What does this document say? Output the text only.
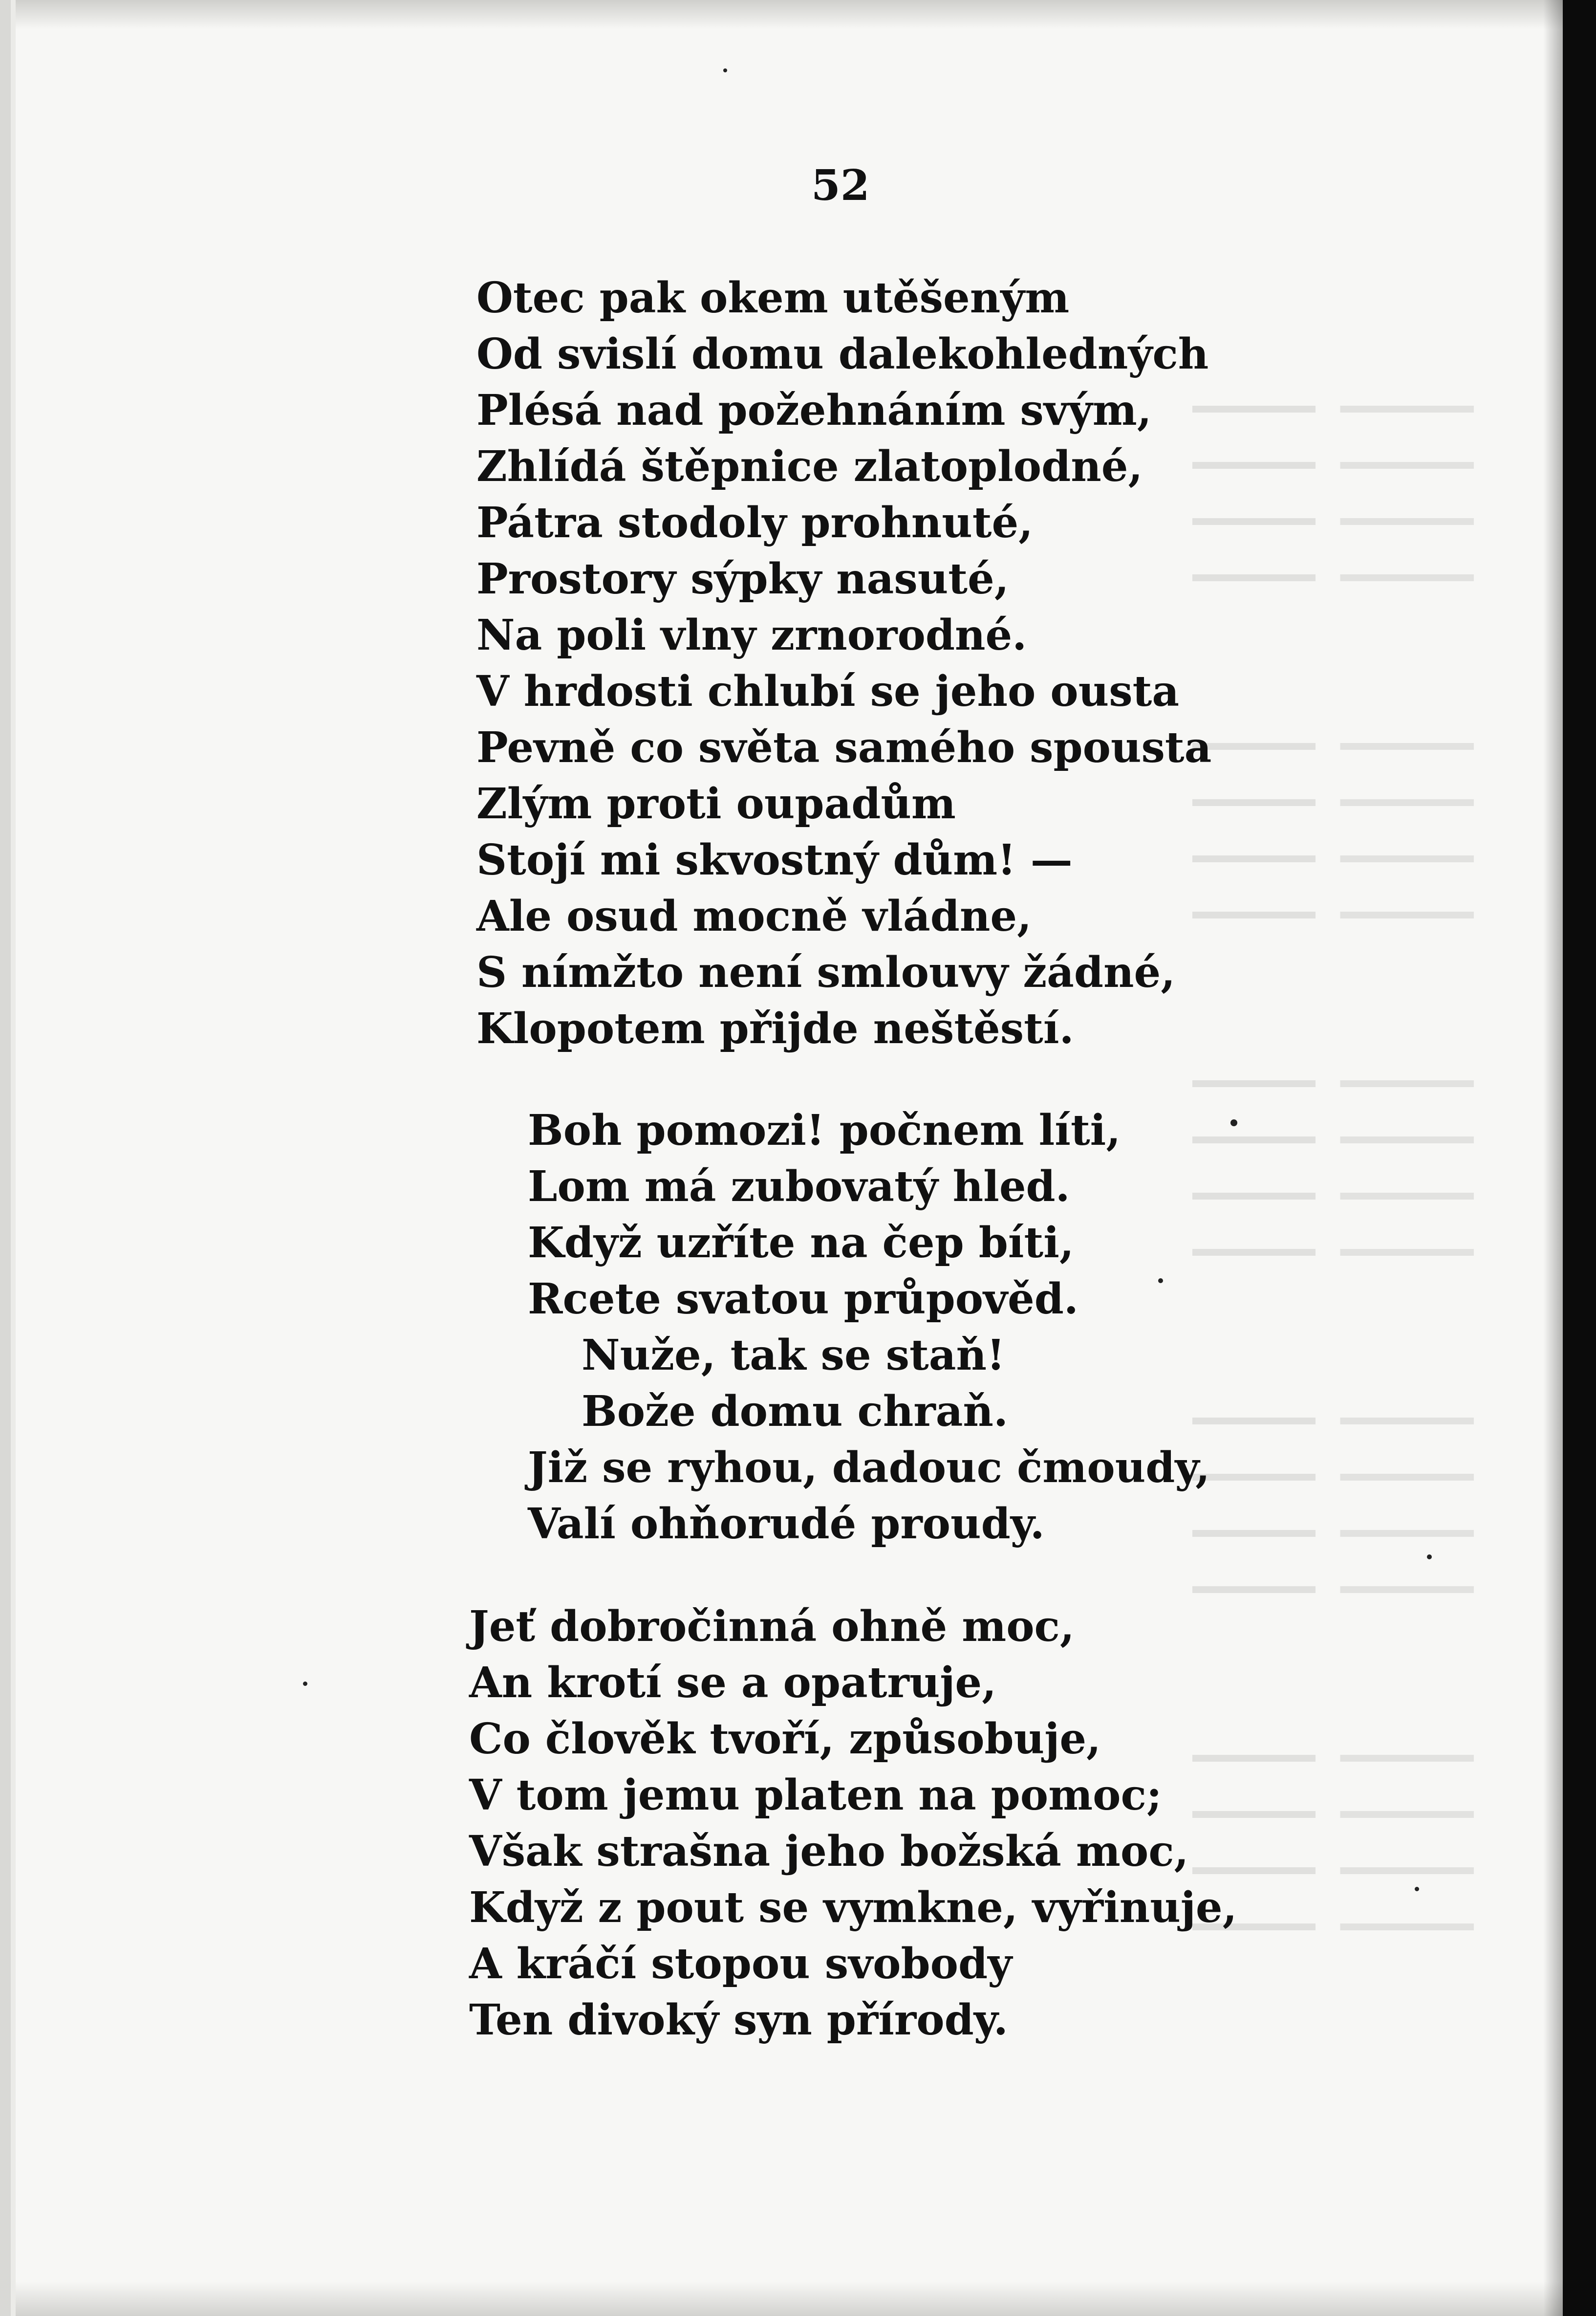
52
Otec pak okem utěšeným
Od svislí domu dalekohledných
Plésá nad požehnáním svým,
Zhlídá štěpnice zlatoplodné,
Pátra stodoly prohnuté,
Prostory sýpky nasuté,
Na poli vlny zrnorodné.
V hrdosti chlubí se jeho ousta
Pevně co světa samého spousta
Zlým proti oupadům
Stojí mi skvostný dům! —
Ale osud mocně vládne,
S nímžto není smlouvy žádné,
Klopotem přijde neštěstí.
Boh pomozi! počnem líti,
Lom má zubovatý hled.
Když uzříte na čep bíti,
Rcete svatou průpověd.
Nuže, tak se staň!
Bože domu chraň.
Již se ryhou, dadouc čmoudy,
Valí ohňorudé proudy.
Jeť dobročinná ohně moc,
An krotí se a opatruje,
Co člověk tvoří, způsobuje,
V tom jemu platen na pomoc;
Však strašna jeho božská moc,
Když z pout se vymkne, vyřinuje,
A kráčí stopou svobody
Ten divoký syn přírody.
